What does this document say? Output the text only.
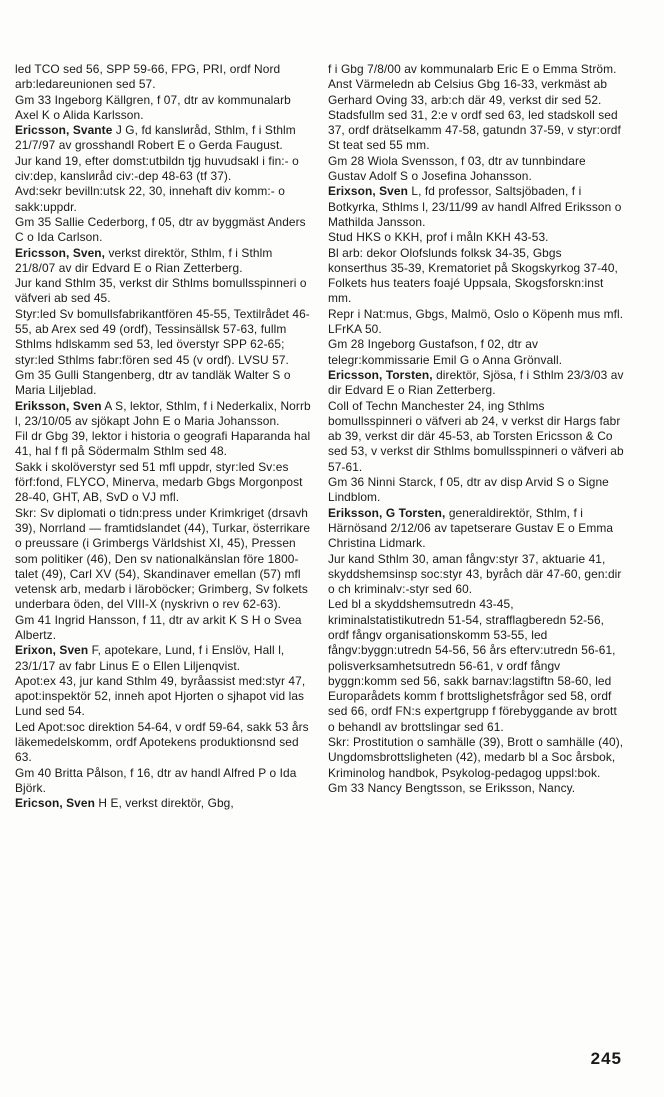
led TCO sed 56, SPP 59-66, FPG, PRI, ordf Nord arb:ledareunionen sed 57.

Gm 33 Ingeborg Källgren, f 07, dtr av kommunalarb Axel K o Alida Karlsson.

Ericsson, Svante J G, fd kanslиråd, Sthlm, f i Sthlm 21/7/97 av grosshandl Robert E o Gerda Faugust.

Jur kand 19, efter domst:utbildn tjg huvudsakl i fin:- o civ:dep, kanslиråd civ:-dep 48-63 (tf 37).

Avd:sekr bevilln:utsk 22, 30, innehaft div komm:- o sakk:uppdr.

Gm 35 Sallie Cederborg, f 05, dtr av byggmäst Anders C o Ida Carlson.

Ericsson, Sven, verkst direktör, Sthlm, f i Sthlm 21/8/07 av dir Edvard E o Rian Zetterberg.

Jur kand Sthlm 35, verkst dir Sthlms bomullsspinneri o väfveri ab sed 45.

Styr:led Sv bomullsfabrikantfören 45-55, Textilrådet 46-55, ab Arex sed 49 (ordf), Tessinsällsk 57-63, fullm Sthlms hdlskamm sed 53, led överstyr SPP 62-65; styr:led Sthlms fabr:fören sed 45 (v ordf). LVSU 57.

Gm 35 Gulli Stangenberg, dtr av tandläk Walter S o Maria Liljeblad.

Eriksson, Sven A S, lektor, Sthlm, f i Nederkalix, Norrb l, 23/10/05 av sjökapt John E o Maria Johansson.

Fil dr Gbg 39, lektor i historia o geografi Haparanda hal 41, hal f fl på Södermalm Sthlm sed 48.

Sakk i skolöverstyr sed 51 mfl uppdr, styr:led Sv:es förf:fond, FLYCO, Minerva, medarb Gbgs Morgonpost 28-40, GHT, AB, SvD o VJ mfl.

Skr: Sv diplomati o tidn:press under Krimkriget (drsavh 39), Norrland — framtidslandet (44), Turkar, österrikare o preussare (i Grimbergs Världshist XI, 45), Pressen som politiker (46), Den sv nationalkänslan före 1800-talet (49), Carl XV (54), Skandinaver emellan (57) mfl vetensk arb, medarb i läroböcker; Grimberg, Sv folkets underbara öden, del VIII-X (nyskrivn o rev 62-63).

Gm 41 Ingrid Hansson, f 11, dtr av arkit K S H o Svea Albertz.

Erixon, Sven F, apotekare, Lund, f i Enslöv, Hall l, 23/1/17 av fabr Linus E o Ellen Liljenqvist.

Apot:ex 43, jur kand Sthlm 49, byråassist med:styr 47, apot:inspektör 52, inneh apot Hjorten o sjhapot vid las Lund sed 54.

Led Apot:soc direktion 54-64, v ordf 59-64, sakk 53 års läkemedelskomm, ordf Apotekens produktionsnd sed 63.

Gm 40 Britta Pålson, f 16, dtr av handl Alfred P o Ida Björk.

Ericson, Sven H E, verkst direktör, Gbg,

f i Gbg 7/8/00 av kommunalarb Eric E o Emma Ström.

Anst Värmeledn ab Celsius Gbg 16-33, verkmäst ab Gerhard Oving 33, arb:ch där 49, verkst dir sed 52.

Stadsfullm sed 31, 2:e v ordf sed 63, led stadskoll sed 37, ordf drätselkamm 47-58, gatundn 37-59, v styr:ordf St teat sed 55 mm.

Gm 28 Wiola Svensson, f 03, dtr av tunnbindare Gustav Adolf S o Josefina Johansson.

Erixson, Sven L, fd professor, Saltsjöbaden, f i Botkyrka, Sthlms l, 23/11/99 av handl Alfred Eriksson o Mathilda Jansson.

Stud HKS o KKH, prof i måln KKH 43-53.

Bl arb: dekor Olofslunds folksk 34-35, Gbgs konserthus 35-39, Krematoriet på Skogskyrkog 37-40, Folkets hus teaters foajé Uppsala, Skogsforskn:inst mm.

Repr i Nat:mus, Gbgs, Malmö, Oslo o Köpenh mus mfl.

LFrKA 50.

Gm 28 Ingeborg Gustafson, f 02, dtr av telegr:kommissarie Emil G o Anna Grönvall.

Ericsson, Torsten, direktör, Sjösa, f i Sthlm 23/3/03 av dir Edvard E o Rian Zetterberg.

Coll of Techn Manchester 24, ing Sthlms bomullsspinneri o väfveri ab 24, v verkst dir Hargs fabr ab 39, verkst dir där 45-53, ab Torsten Ericsson & Co sed 53, v verkst dir Sthlms bomullsspinneri o väfveri ab 57-61.

Gm 36 Ninni Starck, f 05, dtr av disp Arvid S o Signe Lindblom.

Eriksson, G Torsten, generaldirektör, Sthlm, f i Härnösand 2/12/06 av tapetserare Gustav E o Emma Christina Lidmark.

Jur kand Sthlm 30, aman fångv:styr 37, aktuarie 41, skyddshemsinsp soc:styr 43, byråch där 47-60, gen:dir o ch kriminalv:-styr sed 60.

Led bl a skyddshemsutredn 43-45, kriminalstatistikutredn 51-54, strafflagberedn 52-56, ordf fångv organisationskomm 53-55, led fångv:byggn:utredn 54-56, 56 års efterv:utredn 56-61, polisverksamhetsutredn 56-61, v ordf fångv byggn:komm sed 56, sakk barnav:lagstiftn 58-60, led Europarådets komm f brottslighetsfrågor sed 58, ordf sed 66, ordf FN:s expertgrupp f förebyggande av brott o behandl av brottslingar sed 61.

Skr: Prostitution o samhälle (39), Brott o samhälle (40), Ungdomsbrottsligheten (42), medarb bl a Soc årsbok, Kriminolog handbok, Psykolog-pedagog uppsl:bok.

Gm 33 Nancy Bengtsson, se Eriksson, Nancy.

245
